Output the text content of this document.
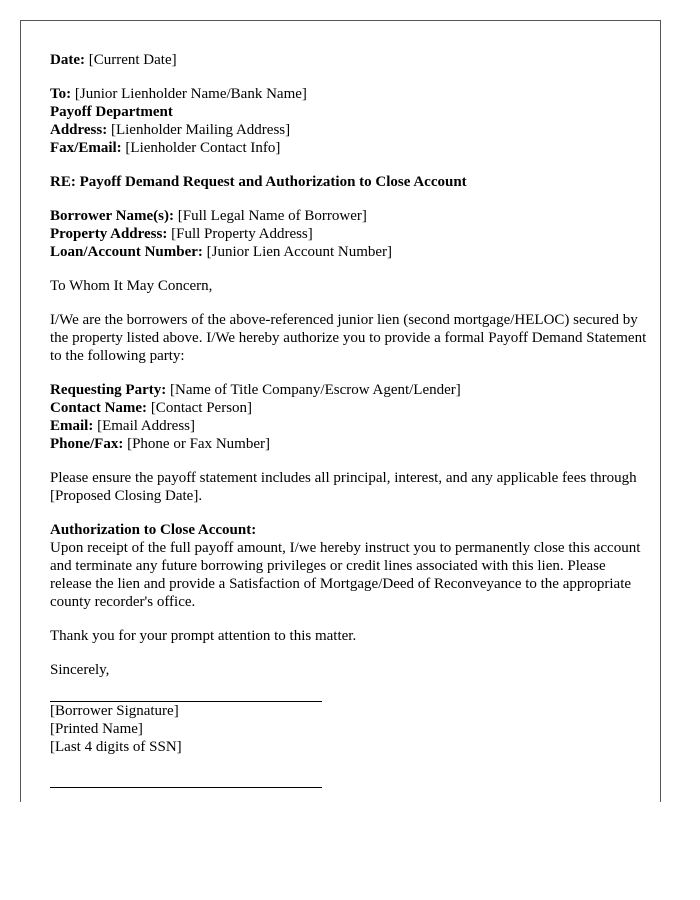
Date: [Current Date]
To: [Junior Lienholder Name/Bank Name]
Payoff Department
Address: [Lienholder Mailing Address]
Fax/Email: [Lienholder Contact Info]
RE: Payoff Demand Request and Authorization to Close Account
Borrower Name(s): [Full Legal Name of Borrower]
Property Address: [Full Property Address]
Loan/Account Number: [Junior Lien Account Number]
To Whom It May Concern,
I/We are the borrowers of the above-referenced junior lien (second mortgage/HELOC) secured by the property listed above. I/We hereby authorize you to provide a formal Payoff Demand Statement to the following party:
Requesting Party: [Name of Title Company/Escrow Agent/Lender]
Contact Name: [Contact Person]
Email: [Email Address]
Phone/Fax: [Phone or Fax Number]
Please ensure the payoff statement includes all principal, interest, and any applicable fees through [Proposed Closing Date].
Authorization to Close Account:
Upon receipt of the full payoff amount, I/we hereby instruct you to permanently close this account and terminate any future borrowing privileges or credit lines associated with this lien. Please release the lien and provide a Satisfaction of Mortgage/Deed of Reconveyance to the appropriate county recorder's office.
Thank you for your prompt attention to this matter.
Sincerely,
[Borrower Signature]
[Printed Name]
[Last 4 digits of SSN]
